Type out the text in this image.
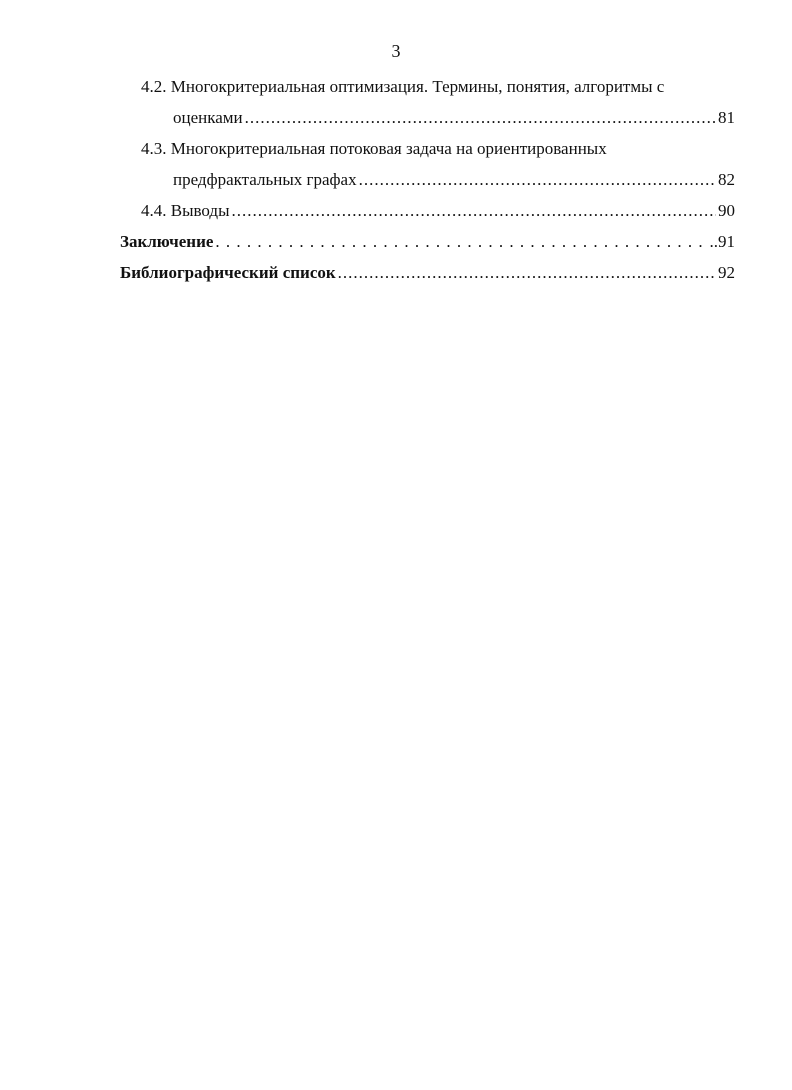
3
4.2. Многокритериальная оптимизация. Термины, понятия, алгоритмы с
оценками .....	81
4.3. Многокритериальная потоковая задача на ориентированных
предфрактальных графах .....	82
4.4. Выводы .....	90
Заключение . . .	..91
Библиографический список .....	92
